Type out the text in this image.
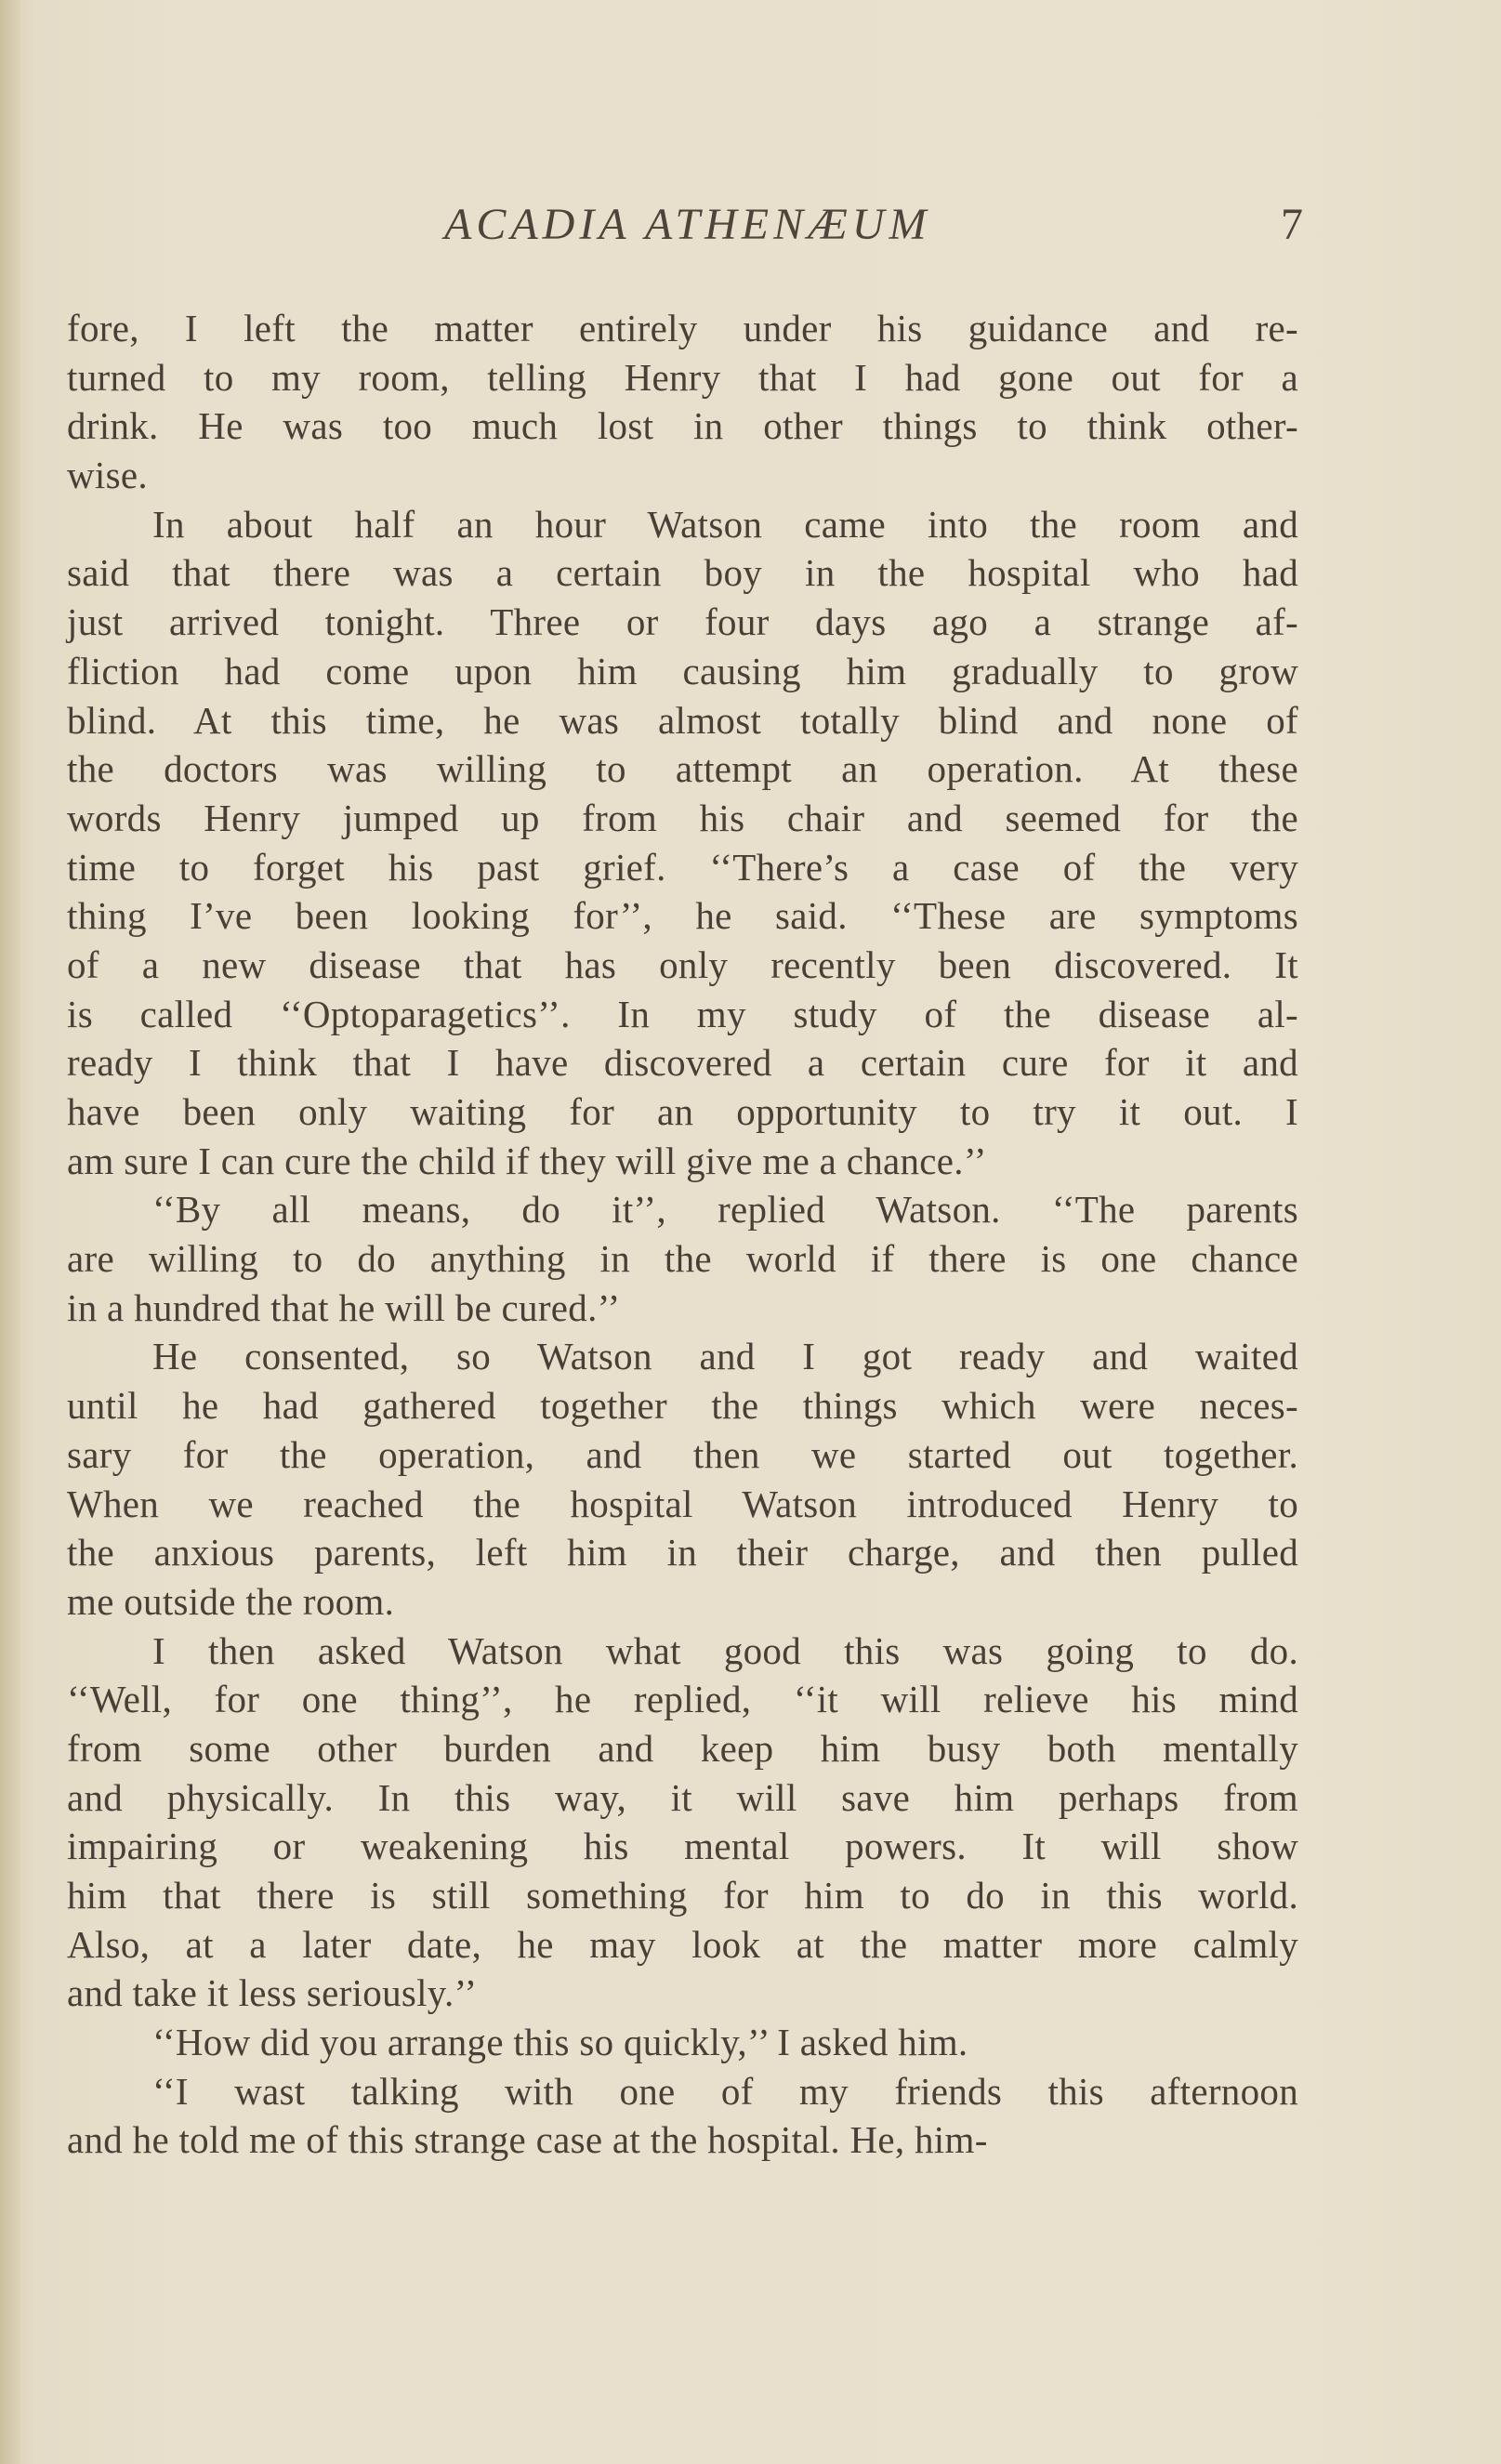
ACADIA ATHENÆUM	7
fore, I left the matter entirely under his guidance and re-
turned to my room, telling Henry that I had gone out for a
drink. He was too much lost in other things to think other-
wise.
In about half an hour Watson came into the room and
said that there was a certain boy in the hospital who had
just arrived tonight. Three or four days ago a strange af-
fliction had come upon him causing him gradually to grow
blind. At this time, he was almost totally blind and none of
the doctors was willing to attempt an operation. At these
words Henry jumped up from his chair and seemed for the
time to forget his past grief. ‘‘There’s a case of the very
thing I’ve been looking for’’, he said. ‘‘These are symptoms
of a new disease that has only recently been discovered. It
is called ‘‘Optoparagetics’’. In my study of the disease al-
ready I think that I have discovered a certain cure for it and
have been only waiting for an opportunity to try it out. I
am sure I can cure the child if they will give me a chance.’’
‘‘By all means, do it’’, replied Watson. ‘‘The parents
are willing to do anything in the world if there is one chance
in a hundred that he will be cured.’’
He consented, so Watson and I got ready and waited
until he had gathered together the things which were neces-
sary for the operation, and then we started out together.
When we reached the hospital Watson introduced Henry to
the anxious parents, left him in their charge, and then pulled
me outside the room.
I then asked Watson what good this was going to do.
‘‘Well, for one thing’’, he replied, ‘‘it will relieve his mind
from some other burden and keep him busy both mentally
and physically. In this way, it will save him perhaps from
impairing or weakening his mental powers. It will show
him that there is still something for him to do in this world.
Also, at a later date, he may look at the matter more calmly
and take it less seriously.’’
‘‘How did you arrange this so quickly,’’ I asked him.
‘‘I wast talking with one of my friends this afternoon
and he told me of this strange case at the hospital. He, him-
